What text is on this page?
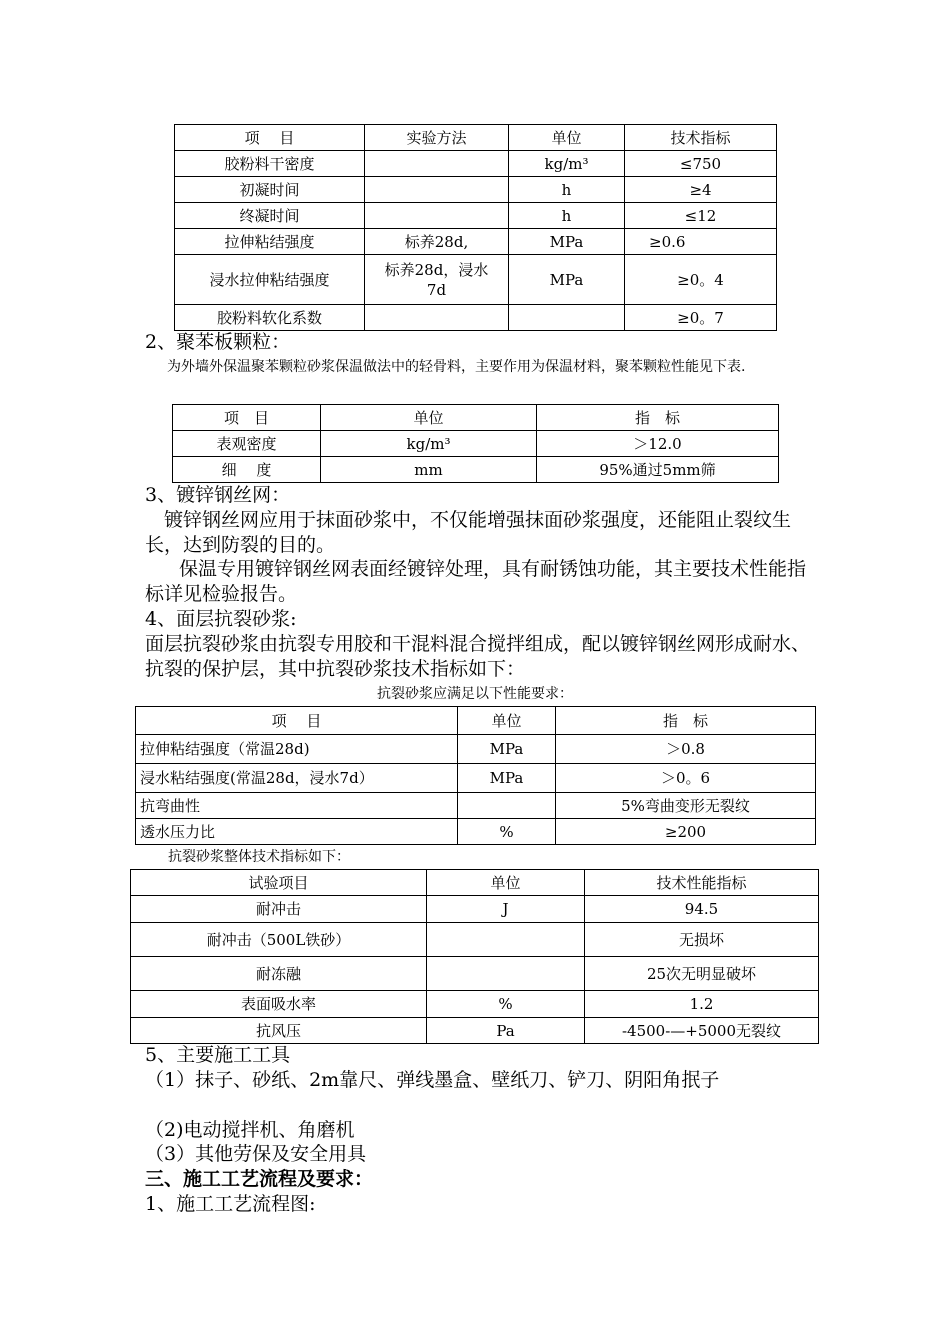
项　 目	实验方法	单位	技术指标
胶粉料干密度		kg/m³	≤750
初凝时间		h	≥4
终凝时间		h	≤12
拉伸粘结强度	标养28d,	MPa	≥0.6
浸水拉伸粘结强度	标养28d，浸水7d	MPa	≥0。4
胶粉料软化系数			≥0。7
2、聚苯板颗粒：
为外墙外保温聚苯颗粒砂浆保温做法中的轻骨料，主要作用为保温材料，聚苯颗粒性能见下表.
项　目	单位	指　标
表观密度	kg/m³	＞12.0
细　 度	mm	95%通过5mm筛
3、镀锌钢丝网：
镀锌钢丝网应用于抹面砂浆中，不仅能增强抹面砂浆强度，还能阻止裂纹生长，达到防裂的目的。
保温专用镀锌钢丝网表面经镀锌处理，具有耐锈蚀功能，其主要技术性能指标详见检验报告。
4、面层抗裂砂浆:
面层抗裂砂浆由抗裂专用胶和干混料混合搅拌组成，配以镀锌钢丝网形成耐水、抗裂的保护层，其中抗裂砂浆技术指标如下：
抗裂砂浆应满足以下性能要求：
项　 目	单位	指　标
拉伸粘结强度（常温28d)	MPa	＞0.8
浸水粘结强度(常温28d，浸水7d）	MPa	＞0。6
抗弯曲性		5%弯曲变形无裂纹
透水压力比	%	≥200
抗裂砂浆整体技术指标如下：
试验项目	单位	技术性能指标
耐冲击	J	94.5
耐冲击（500L铁砂）		无损坏
耐冻融		25次无明显破坏
表面吸水率	%	1.2
抗风压	Pa	-4500-—+5000无裂纹
5、主要施工工具
（1）抹子、砂纸、2m靠尺、弹线墨盒、壁纸刀、铲刀、阴阳角抿子
（2)电动搅拌机、角磨机
（3）其他劳保及安全用具
三、施工工艺流程及要求：
1、施工工艺流程图:
